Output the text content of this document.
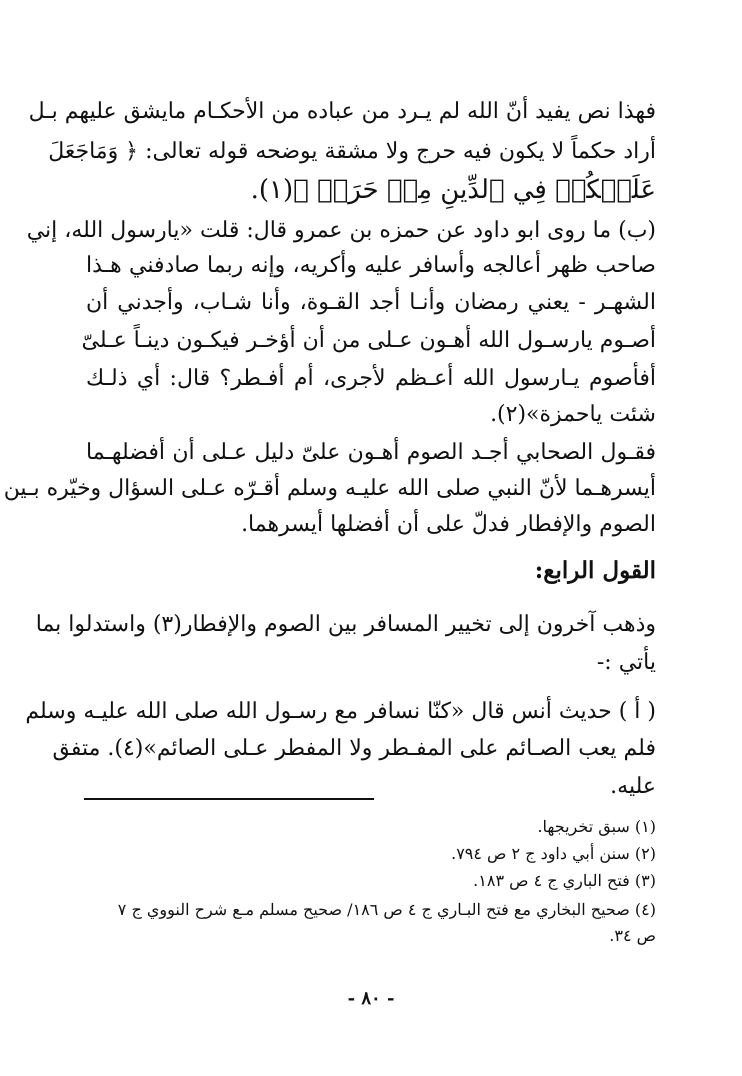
فهذا نص يفيد أنّ الله لم يـرد من عباده من الأحكـام مايشق عليهم بـل
أراد حكماً لا يكون فيه حرج ولا مشقة يوضحه قوله تعالى: ﴿ وَمَاجَعَلَ
عَلَيۡكُمۡ فِي ٱلدِّينِ مِنۡ حَرَجٖ ﴾(١).
(ب) ما روى ابو داود عن حمزه بن عمرو قال: قلت «يارسول الله، إني
صاحب ظهر أعالجه وأسافر عليه وأكريه، وإنه ربما صادفني هـذا
الشهـر - يعني رمضان وأنـا أجد القـوة، وأنا شـاب، وأجدني أن
أصـوم يارسـول الله أهـون عـلى من أن أؤخـر فيكـون دينـاً عـلىّ
أفأصوم يـارسول الله أعـظم لأجرى، أم أفـطر؟ قال: أي ذلـك
شئت ياحمزة»(٢).
فقـول الصحابي أجـد الصوم أهـون علىّ دليل عـلى أن أفضلهـما
أيسرهـما لأنّ النبي صلى الله عليـه وسلم أقـرّه عـلى السؤال وخيّره بـين
الصوم والإفطار فدلّ على أن أفضلها أيسرهما.
القول الرابع:
وذهب آخرون إلى تخيير المسافر بين الصوم والإفطار(٣) واستدلوا بما
يأتي :-
( أ ) حديث أنس قال «كنّا نسافر مع رسـول الله صلى الله عليـه وسلم
فلم يعب الصـائم على المفـطر ولا المفطر عـلى الصائم»(٤). متفق
عليه.
(١) سبق تخريجها.
(٢) سنن أبي داود ج ٢ ص ٧٩٤.
(٣) فتح الباري ج ٤ ص ١٨٣.
(٤) صحيح البخاري مع فتح البـاري ج ٤ ص ١٨٦/ صحيح مسلم مـع شرح النووي ج ٧
ص ٣٤.
- ٨٠ -
